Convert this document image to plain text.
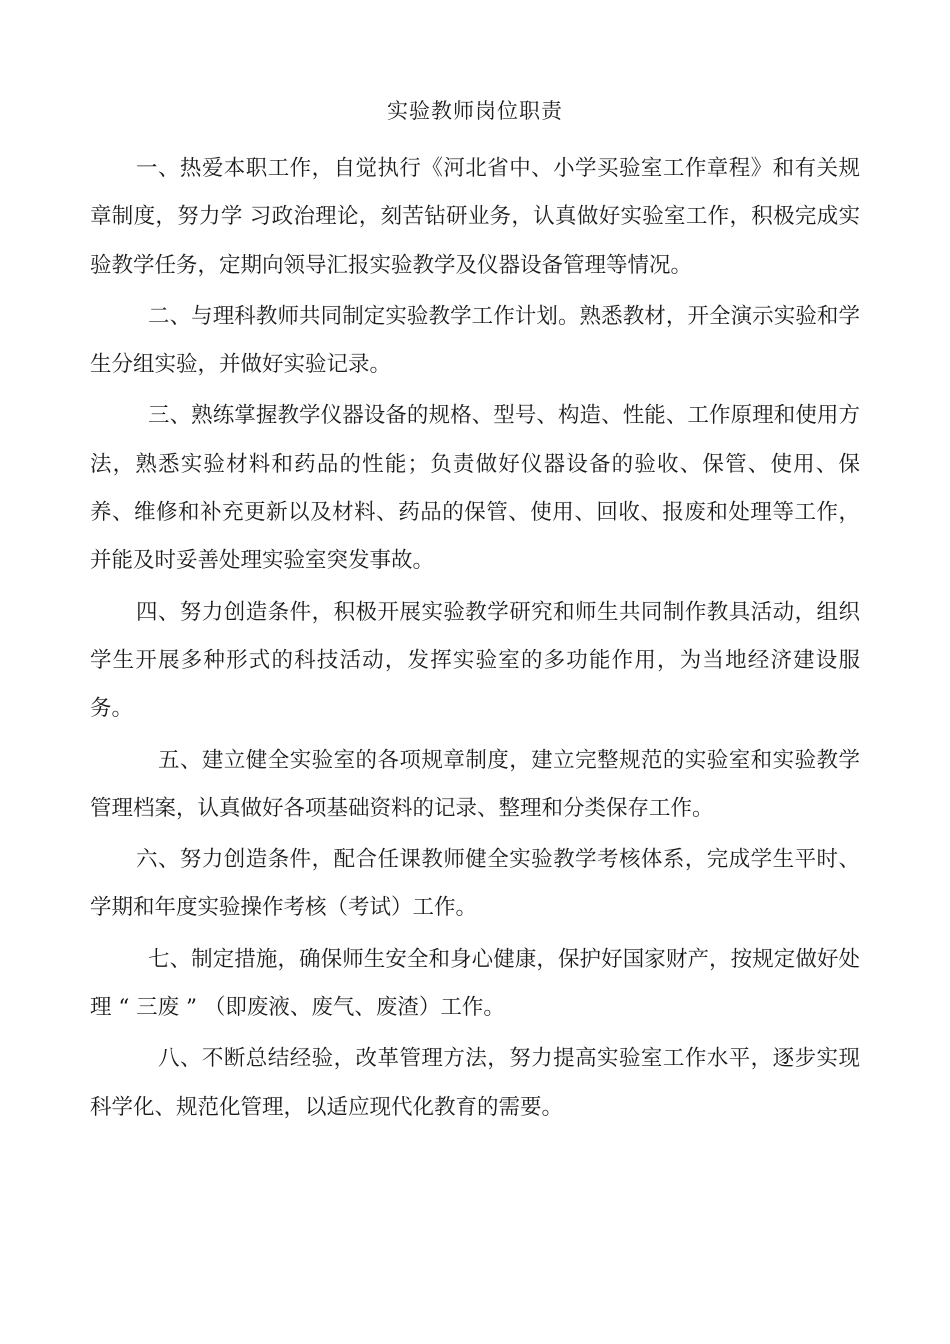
实验教师岗位职责

一、热爱本职工作，自觉执行《河北省中、小学买验室工作章程》和有关规章制度，努力学 习政治理论，刻苦钻研业务，认真做好实验室工作，积极完成实验教学任务，定期向领导汇报实验教学及仪器设备管理等情况。

二、与理科教师共同制定实验教学工作计划。熟悉教材，开全演示实验和学生分组实验，并做好实验记录。

三、熟练掌握教学仪器设备的规格、型号、构造、性能、工作原理和使用方法，熟悉实验材料和药品的性能；负责做好仪器设备的验收、保管、使用、保养、维修和补充更新以及材料、药品的保管、使用、回收、报废和处理等工作，并能及时妥善处理实验室突发事故。

四、努力创造条件，积极开展实验教学研究和师生共同制作教具活动，组织学生开展多种形式的科技活动，发挥实验室的多功能作用，为当地经济建设服务。

五、建立健全实验室的各项规章制度，建立完整规范的实验室和实验教学管理档案，认真做好各项基础资料的记录、整理和分类保存工作。

六、努力创造条件，配合任课教师健全实验教学考核体系，完成学生平时、学期和年度实验操作考核（考试）工作。

七、制定措施，确保师生安全和身心健康，保护好国家财产，按规定做好处理 “ 三废 ” （即废液、废气、废渣）工作。

八、不断总结经验，改革管理方法，努力提高实验室工作水平，逐步实现科学化、规范化管理，以适应现代化教育的需要。
